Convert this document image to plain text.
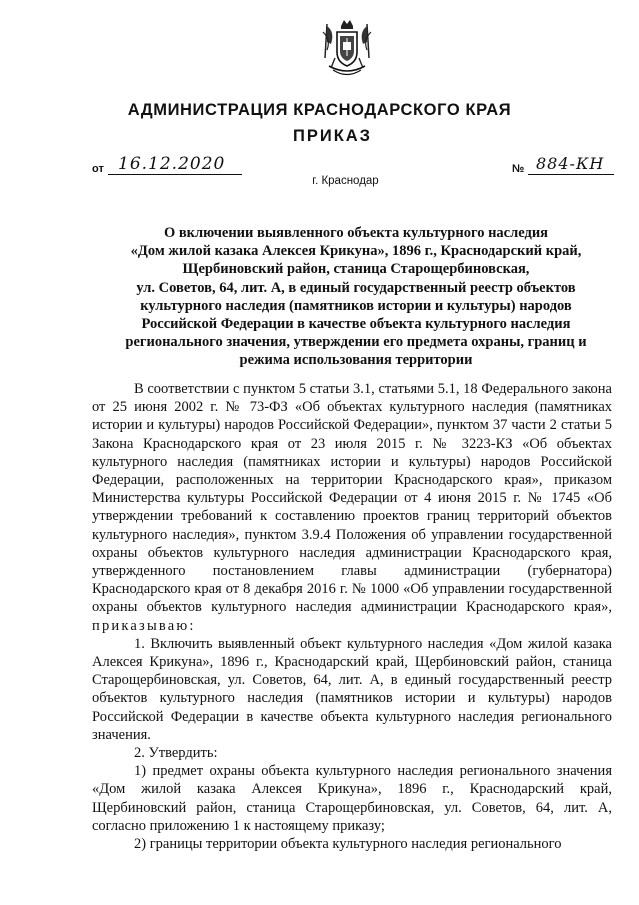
АДМИНИСТРАЦИЯ КРАСНОДАРСКОГО КРАЯ
ПРИКАЗ
от 16.12.2020	№ 884-КН
г. Краснодар
О включении выявленного объекта культурного наследия
«Дом жилой казака Алексея Крикуна», 1896 г., Краснодарский край,
Щербиновский район, станица Старощербиновская,
ул. Советов, 64, лит. А, в единый государственный реестр объектов
культурного наследия (памятников истории и культуры) народов
Российской Федерации в качестве объекта культурного наследия
регионального значения, утверждении его предмета охраны, границ и
режима использования территории

В соответствии с пунктом 5 статьи 3.1, статьями 5.1, 18 Федерального закона от 25 июня 2002 г. № 73-ФЗ «Об объектах культурного наследия (памятниках истории и культуры) народов Российской Федерации», пунктом 37 части 2 статьи 5 Закона Краснодарского края от 23 июля 2015 г. № 3223-КЗ «Об объектах культурного наследия (памятниках истории и культуры) народов Российской Федерации, расположенных на территории Краснодарского края», приказом Министерства культуры Российской Федерации от 4 июня 2015 г. № 1745 «Об утверждении требований к составлению проектов границ территорий объектов культурного наследия», пунктом 3.9.4 Положения об управлении государственной охраны объектов культурного наследия администрации Краснодарского края, утвержденного постановлением главы администрации (губернатора) Краснодарского края от 8 декабря 2016 г. № 1000 «Об управлении государственной охраны объектов культурного наследия администрации Краснодарского края», приказываю:

1. Включить выявленный объект культурного наследия «Дом жилой казака Алексея Крикуна», 1896 г., Краснодарский край, Щербиновский район, станица Старощербиновская, ул. Советов, 64, лит. А, в единый государственный реестр объектов культурного наследия (памятников истории и культуры) народов Российской Федерации в качестве объекта культурного наследия регионального значения.

2. Утвердить:

1) предмет охраны объекта культурного наследия регионального значения «Дом жилой казака Алексея Крикуна», 1896 г., Краснодарский край, Щербиновский район, станица Старощербиновская, ул. Советов, 64, лит. А, согласно приложению 1 к настоящему приказу;

2) границы территории объекта культурного наследия регионального
